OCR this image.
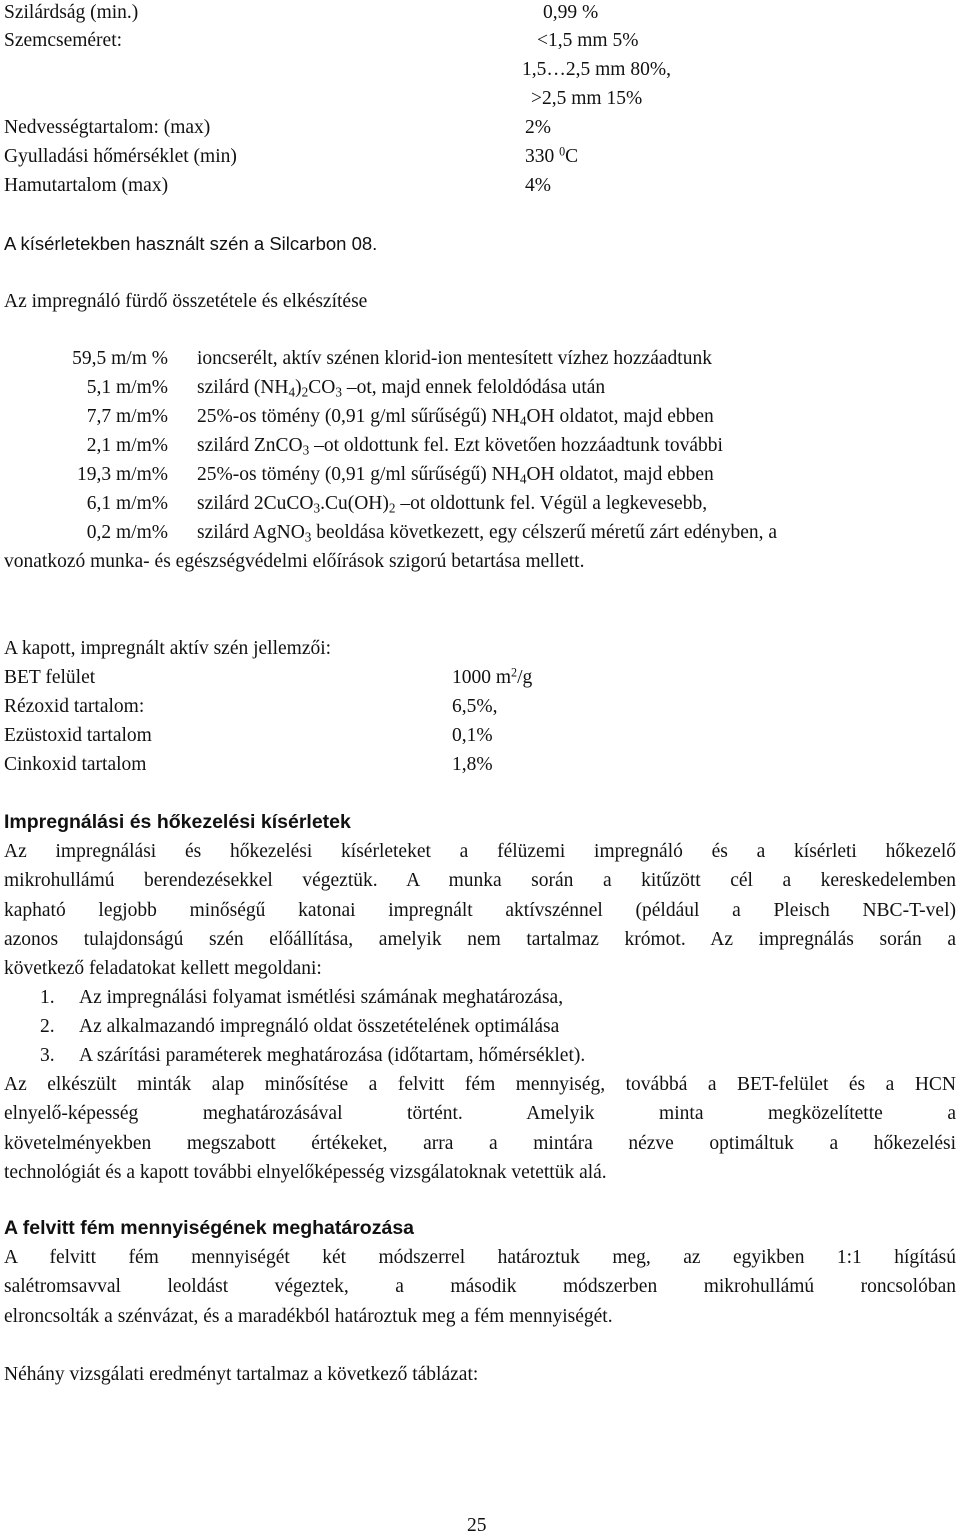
Szilárdság (min.)	0,99 %
Szemcseméret:	<1,5 mm 5%
1,5…2,5 mm 80%,
>2,5 mm 15%
Nedvességtartalom: (max)	2%
Gyulladási hőmérséklet (min)	330 $^0$C
Hamutartalom (max)	4%
A kísérletekben használt szén a Silcarbon 08.
Az impregnáló fürdő összetétele és elkészítése
59,5 m/m % ioncserélt, aktív szénen klorid-ion mentesített vízhez hozzáadtunk
5,1 m/m% szilárd $(NH_4)_2CO_3$ –ot, majd ennek feloldódása után
7,7 m/m% 25%-os tömény (0,91 g/ml sűrűségű) $NH_4OH$ oldatot, majd ebben
2,1 m/m% szilárd ZnCO$_3$ –ot oldottunk fel. Ezt követően hozzáadtunk további
19,3 m/m% 25%-os tömény (0,91 g/ml sűrűségű) $NH_4OH$ oldatot, majd ebben
6,1 m/m% szilárd $2CuCO_3.Cu(OH)_2$ –ot oldottunk fel. Végül a legkevesebb,
0,2 m/m% szilárd AgNO$_3$ beoldása következett, egy célszerű méretű zárt edényben, a
vonatkozó munka- és egészségvédelmi előírások szigorú betartása mellett.
A kapott, impregnált aktív szén jellemzői:
BET felület	1000 $m^2/g$
Rézoxid tartalom:	6,5%,
Ezüstoxid tartalom	0,1%
Cinkoxid tartalom	1,8%
Impregnálási és hőkezelési kísérletek
Az impregnálási és hőkezelési kísérleteket a félüzemi impregnáló és a kísérleti hőkezelő
mikrohullámú berendezésekkel végeztük. A munka során a kitűzött cél a kereskedelemben
kapható legjobb minőségű katonai impregnált aktívszénnel (például a Pleisch NBC-T-vel)
azonos tulajdonságú szén előállítása, amelyik nem tartalmaz krómot. Az impregnálás során a
következő feladatokat kellett megoldani:
1. Az impregnálási folyamat ismétlési számának meghatározása,
2. Az alkalmazandó impregnáló oldat összetételének optimálása
3. A szárítási paraméterek meghatározása (időtartam, hőmérséklet).
Az elkészült minták alap minősítése a felvitt fém mennyiség, továbbá a BET-felület és a HCN
elnyelő-képesség meghatározásával történt. Amelyik minta megközelítette a
követelményekben megszabott értékeket, arra a mintára nézve optimáltuk a hőkezelési
technológiát és a kapott további elnyelőképesség vizsgálatoknak vetettük alá.
A felvitt fém mennyiségének meghatározása
A felvitt fém mennyiségét két módszerrel határoztuk meg, az egyikben 1:1 hígítású
salétromsavval leoldást végeztek, a második módszerben mikrohullámú roncsolóban
elroncsolták a szénvázat, és a maradékból határoztuk meg a fém mennyiségét.
Néhány vizsgálati eredményt tartalmaz a következő táblázat:
25
